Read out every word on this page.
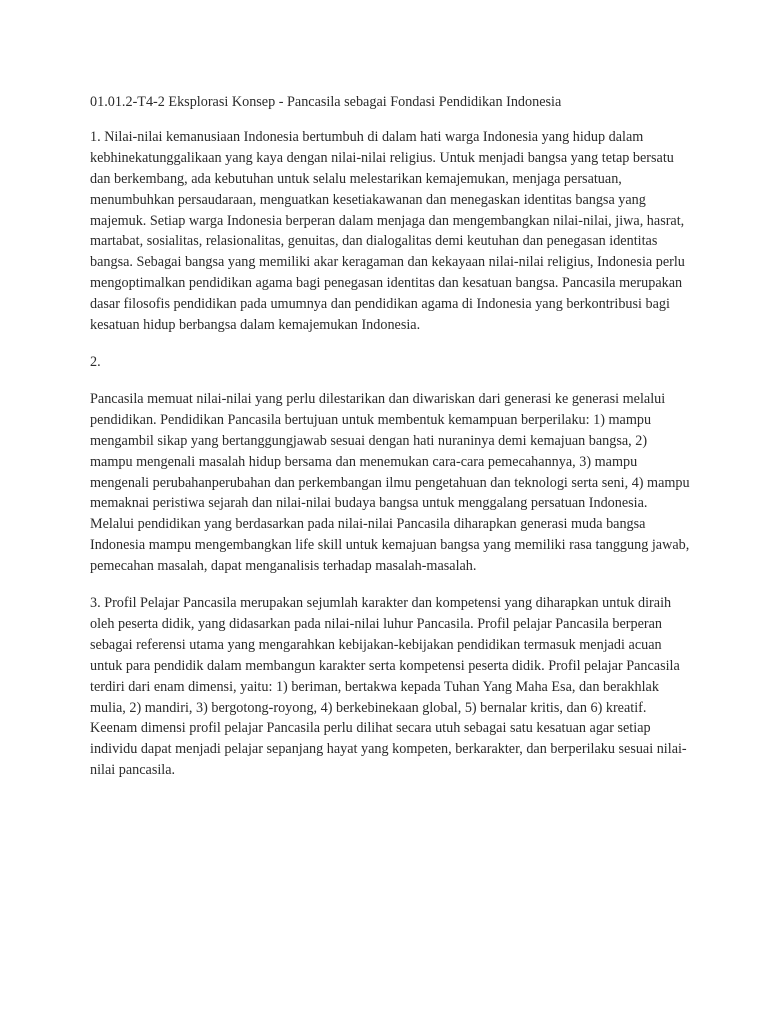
01.01.2-T4-2 Eksplorasi Konsep - Pancasila sebagai Fondasi Pendidikan Indonesia

1. Nilai-nilai kemanusiaan Indonesia bertumbuh di dalam hati warga Indonesia yang hidup dalam kebhinekatunggalikaan yang kaya dengan nilai-nilai religius. Untuk menjadi bangsa yang tetap bersatu dan berkembang, ada kebutuhan untuk selalu melestarikan kemajemukan, menjaga persatuan, menumbuhkan persaudaraan, menguatkan kesetiakawanan dan menegaskan identitas bangsa yang majemuk. Setiap warga Indonesia berperan dalam menjaga dan mengembangkan nilai-nilai, jiwa, hasrat, martabat, sosialitas, relasionalitas, genuitas, dan dialogalitas demi keutuhan dan penegasan identitas bangsa. Sebagai bangsa yang memiliki akar keragaman dan kekayaan nilai-nilai religius, Indonesia perlu mengoptimalkan pendidikan agama bagi penegasan identitas dan kesatuan bangsa. Pancasila merupakan dasar filosofis pendidikan pada umumnya dan pendidikan agama di Indonesia yang berkontribusi bagi kesatuan hidup berbangsa dalam kemajemukan Indonesia.

2.

Pancasila memuat nilai-nilai yang perlu dilestarikan dan diwariskan dari generasi ke generasi melalui pendidikan. Pendidikan Pancasila bertujuan untuk membentuk kemampuan berperilaku: 1) mampu mengambil sikap yang bertanggungjawab sesuai dengan hati nuraninya demi kemajuan bangsa, 2) mampu mengenali masalah hidup bersama dan menemukan cara-cara pemecahannya, 3) mampu mengenali perubahanperubahan dan perkembangan ilmu pengetahuan dan teknologi serta seni, 4) mampu memaknai peristiwa sejarah dan nilai-nilai budaya bangsa untuk menggalang persatuan Indonesia. Melalui pendidikan yang berdasarkan pada nilai-nilai Pancasila diharapkan generasi muda bangsa Indonesia mampu mengembangkan life skill untuk kemajuan bangsa yang memiliki rasa tanggung jawab, pemecahan masalah, dapat menganalisis terhadap masalah-masalah.

3. Profil Pelajar Pancasila merupakan sejumlah karakter dan kompetensi yang diharapkan untuk diraih oleh peserta didik, yang didasarkan pada nilai-nilai luhur Pancasila. Profil pelajar Pancasila berperan sebagai referensi utama yang mengarahkan kebijakan-kebijakan pendidikan termasuk menjadi acuan untuk para pendidik dalam membangun karakter serta kompetensi peserta didik. Profil pelajar Pancasila terdiri dari enam dimensi, yaitu: 1) beriman, bertakwa kepada Tuhan Yang Maha Esa, dan berakhlak mulia, 2) mandiri, 3) bergotong-royong, 4) berkebinekaan global, 5) bernalar kritis, dan 6) kreatif. Keenam dimensi profil pelajar Pancasila perlu dilihat secara utuh sebagai satu kesatuan agar setiap individu dapat menjadi pelajar sepanjang hayat yang kompeten, berkarakter, dan berperilaku sesuai nilai-nilai pancasila.
